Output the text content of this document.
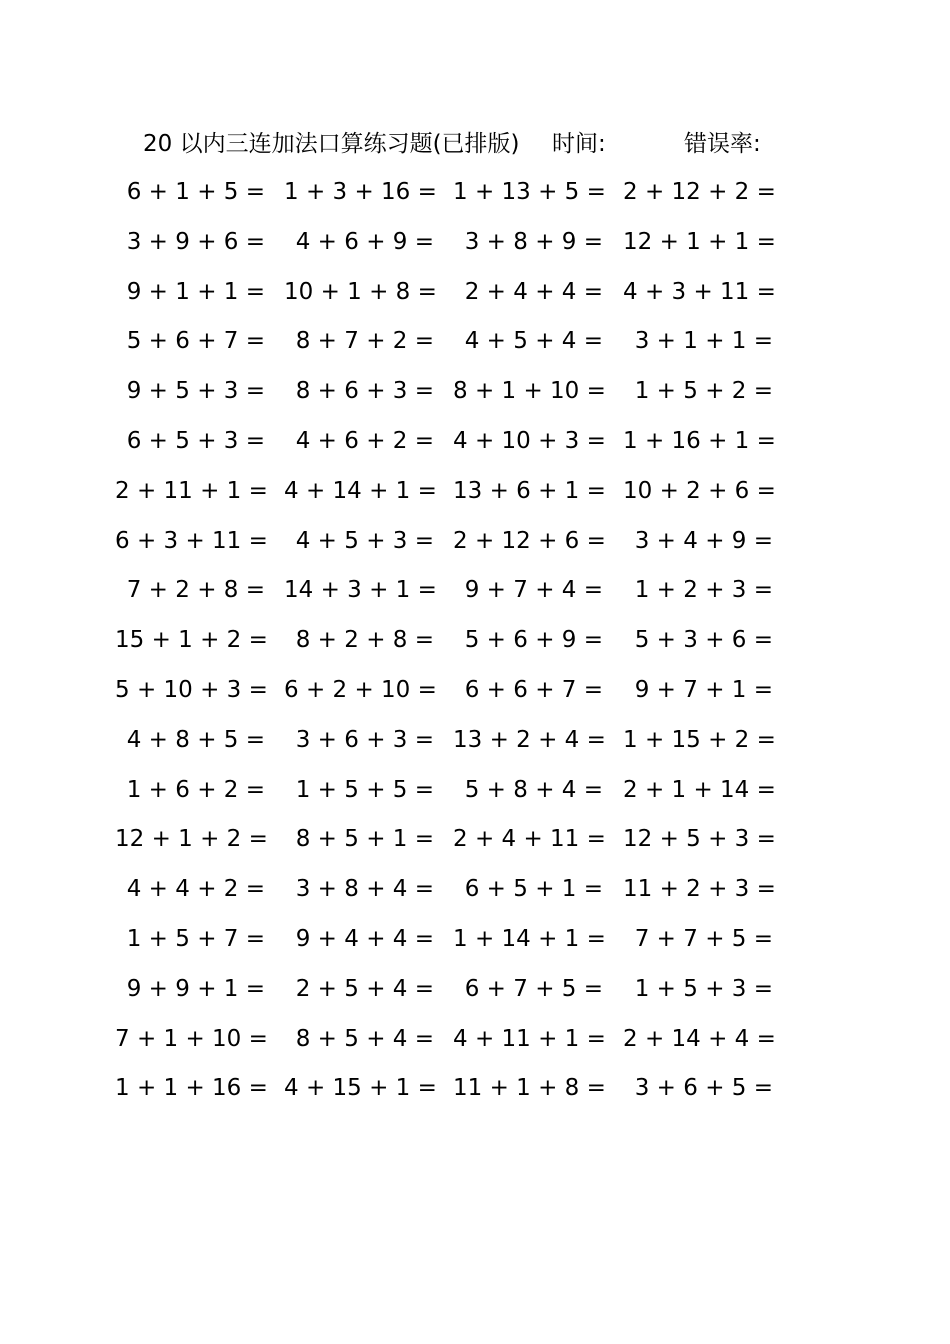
20 以内三连加法口算练习题(已排版) 时间:	错误率:
6 + 1 + 5 = 1 + 3 + 16 = 1 + 13 + 5 = 2 + 12 + 2 =
3 + 9 + 6 =	4 + 6 + 9 =	3 + 8 + 9 = 12 + 1 + 1 =
9 + 1 + 1 = 10 + 1 + 8 =	2 + 4 + 4 = 4 + 3 + 11 =
5 + 6 + 7 =	8 + 7 + 2 =	4 + 5 + 4 =	3 + 1 + 1 =
9 + 5 + 3 =	8 + 6 + 3 = 8 + 1 + 10 =	1 + 5 + 2 =
6 + 5 + 3 =	4 + 6 + 2 = 4 + 10 + 3 = 1 + 16 + 1 =
2 + 11 + 1 = 4 + 14 + 1 = 13 + 6 + 1 = 10 + 2 + 6 =
6 + 3 + 11 =	4 + 5 + 3 = 2 + 12 + 6 =	3 + 4 + 9 =
7 + 2 + 8 = 14 + 3 + 1 =	9 + 7 + 4 =	1 + 2 + 3 =
15 + 1 + 2 =	8 + 2 + 8 =	5 + 6 + 9 =	5 + 3 + 6 =
5 + 10 + 3 = 6 + 2 + 10 =	6 + 6 + 7 =	9 + 7 + 1 =
4 + 8 + 5 =	3 + 6 + 3 = 13 + 2 + 4 = 1 + 15 + 2 =
1 + 6 + 2 =	1 + 5 + 5 =	5 + 8 + 4 = 2 + 1 + 14 =
12 + 1 + 2 =	8 + 5 + 1 = 2 + 4 + 11 = 12 + 5 + 3 =
4 + 4 + 2 =	3 + 8 + 4 =	6 + 5 + 1 = 11 + 2 + 3 =
1 + 5 + 7 =	9 + 4 + 4 = 1 + 14 + 1 =	7 + 7 + 5 =
9 + 9 + 1 =	2 + 5 + 4 =	6 + 7 + 5 =	1 + 5 + 3 =
7 + 1 + 10 =	8 + 5 + 4 = 4 + 11 + 1 = 2 + 14 + 4 =
1 + 1 + 16 = 4 + 15 + 1 = 11 + 1 + 8 =	3 + 6 + 5 =
